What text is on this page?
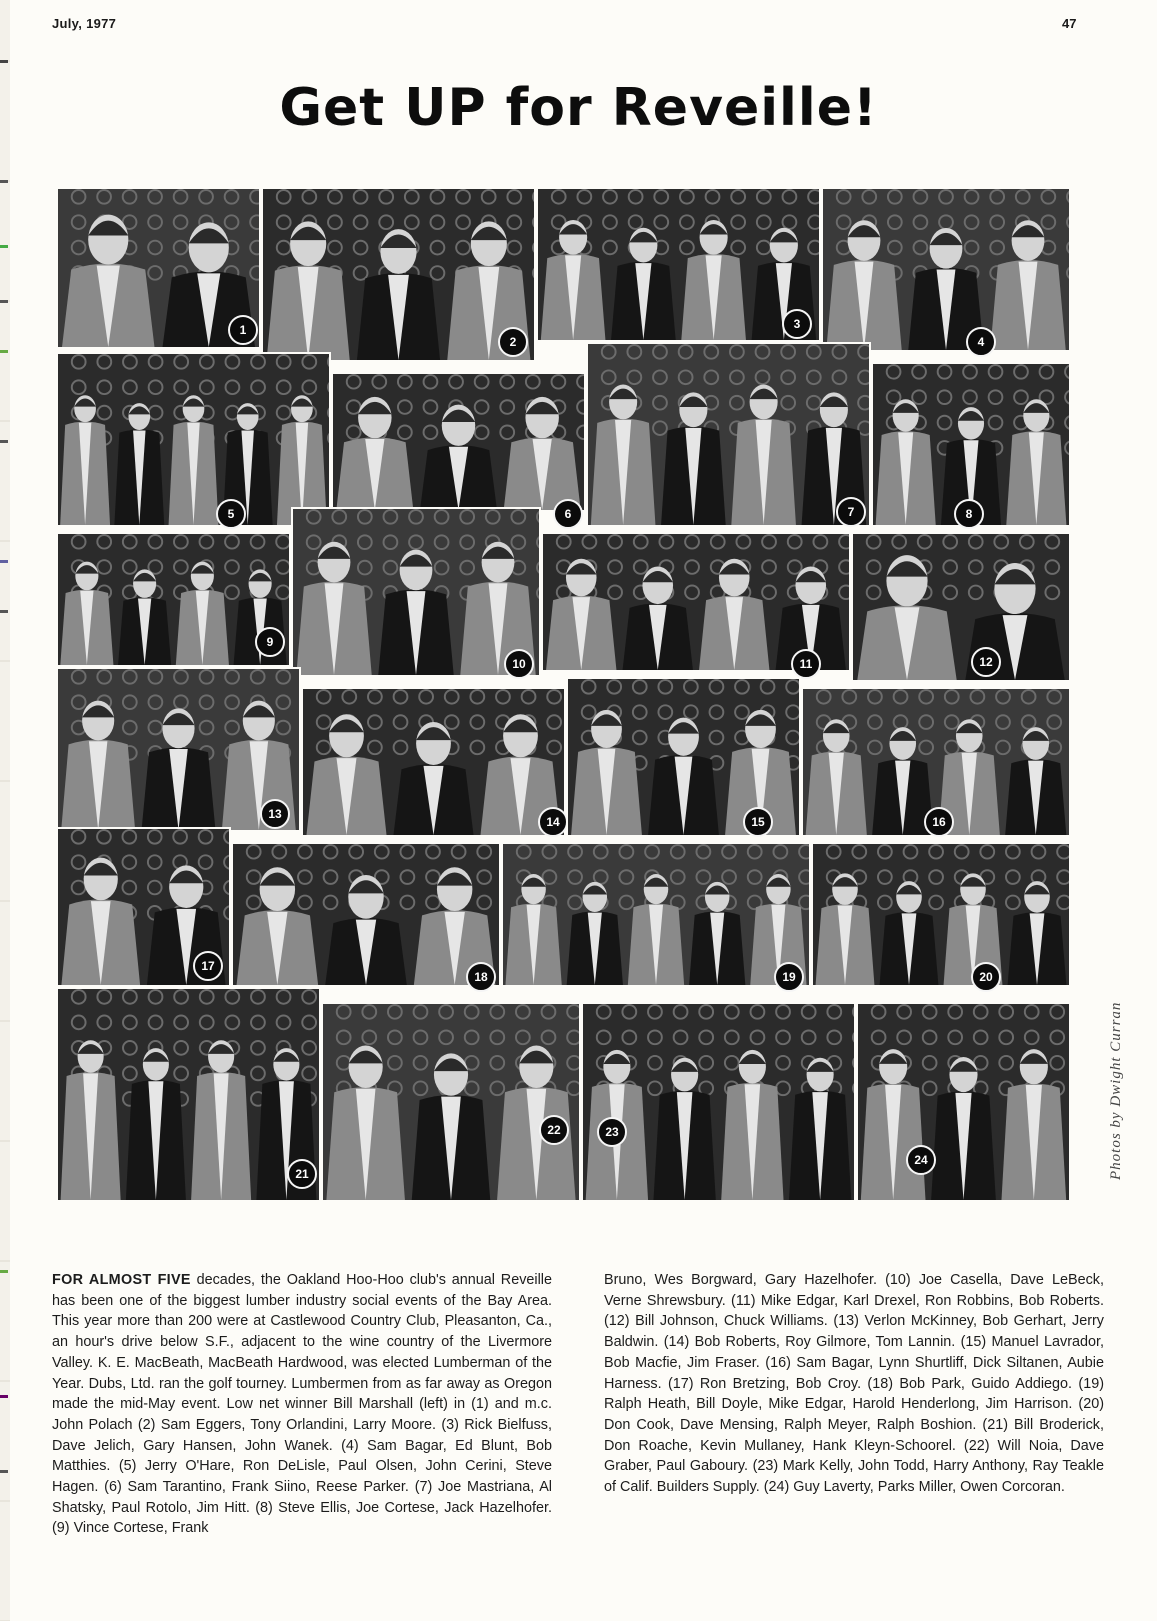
July, 1977	47
Get UP for Reveille!
1
2
3
4
5	6	7	8
9
10	11	12
13
14	15	16
17
18	19	20
21
22	23
24	Photos by Dwight Curran
FOR ALMOST FIVE decades, the Oakland Hoo-Hoo club's annual Reveille has been one of the biggest lumber industry social events of the Bay Area. This year more than 200 were at Castlewood Country Club, Pleasanton, Ca., an hour's drive below S.F., adjacent to the wine country of the Livermore Valley. K. E. MacBeath, MacBeath Hardwood, was elected Lumberman of the Year. Dubs, Ltd. ran the golf tourney. Lumbermen from as far away as Oregon made the mid-May event. Low net winner Bill Marshall (left) in (1) and m.c. John Polach (2) Sam Eggers, Tony Orlandini, Larry Moore. (3) Rick Bielfuss, Dave Jelich, Gary Hansen, John Wanek. (4) Sam Bagar, Ed Blunt, Bob Matthies. (5) Jerry O'Hare, Ron DeLisle, Paul Olsen, John Cerini, Steve Hagen. (6) Sam Tarantino, Frank Siino, Reese Parker. (7) Joe Mastriana, Al Shatsky, Paul Rotolo, Jim Hitt. (8) Steve Ellis, Joe Cortese, Jack Hazelhofer. (9) Vince Cortese, Frank
Bruno, Wes Borgward, Gary Hazelhofer. (10) Joe Casella, Dave LeBeck, Verne Shrewsbury. (11) Mike Edgar, Karl Drexel, Ron Robbins, Bob Roberts. (12) Bill Johnson, Chuck Williams. (13) Verlon McKinney, Bob Gerhart, Jerry Baldwin. (14) Bob Roberts, Roy Gilmore, Tom Lannin. (15) Manuel Lavrador, Bob Macfie, Jim Fraser. (16) Sam Bagar, Lynn Shurtliff, Dick Siltanen, Aubie Harness. (17) Ron Bretzing, Bob Croy. (18) Bob Park, Guido Addiego. (19) Ralph Heath, Bill Doyle, Mike Edgar, Harold Henderlong, Jim Harrison. (20) Don Cook, Dave Mensing, Ralph Meyer, Ralph Boshion. (21) Bill Broderick, Don Roache, Kevin Mullaney, Hank Kleyn-Schoorel. (22) Will Noia, Dave Graber, Paul Gaboury. (23) Mark Kelly, John Todd, Harry Anthony, Ray Teakle of Calif. Builders Supply. (24) Guy Laverty, Parks Miller, Owen Corcoran.
